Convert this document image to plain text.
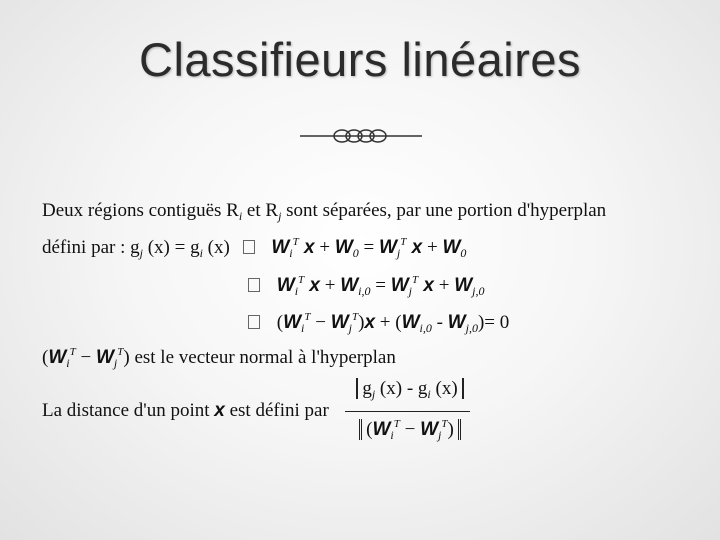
Classifieurs linéaires
Deux régions contiguës $R_i$ et $R_j$ sont séparées, par une portion d'hyperplan
défini par : $g_j$ $(x) = g_i$ (x) $W_i^T$ $x + W_0 = W_j^T$ $x + W_0$
$W_i^T$ $x + W_{i,0} = W_j^T$ $x + W_{j,0}$
$(W_i^T - W_j^T)x + (W_{i,0} - W_{j,0})= 0$
$(W_i^T - W_j^T)$ est le vecteur normal à l'hyperplan
La distance d'un point x est défini par
$g_j$ $(x) - g_i$ (x)
$(W_i^T - W_j^T)$
